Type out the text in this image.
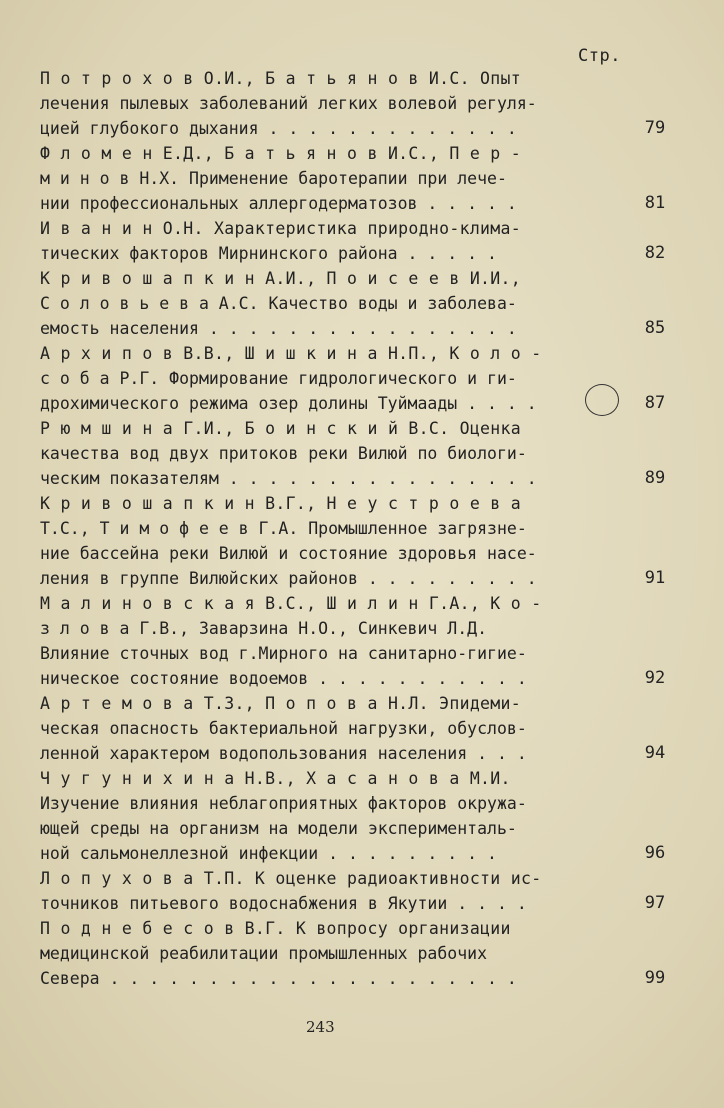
Стр.
П о т р о х о в О.И., Б а т ь я н о в И.С. Опыт
лечения пылевых заболеваний легких волевой регуля-
цией глубокого дыхания . . . . . . . . . . . . .	79
Ф л о м е н Е.Д., Б а т ь я н о в И.С., П е р -
м и н о в Н.Х. Применение баротерапии при лече-
нии профессиональных аллергодерматозов . . . . .	81
И в а н и н О.Н. Характеристика природно-клима-
тических факторов Мирнинского района . . . . .	82
К р и в о ш а п к и н А.И., П о и с е е в И.И.,
С о л о в ь е в а А.С. Качество воды и заболева-
емость населения . . . . . . . . . . . . . . . .	85
А р х и п о в В.В., Ш и ш к и н а Н.П., К о л о -
с о б а Р.Г. Формирование гидрологического и ги-
дрохимического режима озер долины Туймаады . . . .	87
Р ю м ш и н а Г.И., Б о и н с к и й В.С. Оценка
качества вод двух притоков реки Вилюй по биологи-
ческим показателям . . . . . . . . . . . . . . . .	89
К р и в о ш а п к и н В.Г., Н е у с т р о е в а
Т.С., Т и м о ф е е в Г.А. Промышленное загрязне-
ние бассейна реки Вилюй и состояние здоровья насе-
ления в группе Вилюйских районов . . . . . . . . .	91
М а л и н о в с к а я В.С., Ш и л и н Г.А., К о -
з л о в а Г.В., Заварзина Н.О., Синкевич Л.Д.
Влияние сточных вод г.Мирного на санитарно-гигие-
ническое состояние водоемов . . . . . . . . . . .	92
А р т е м о в а Т.З., П о п о в а Н.Л. Эпидеми-
ческая опасность бактериальной нагрузки, обуслов-
ленной характером водопользования населения . . .	94
Ч у г у н и х и н а Н.В., Х а с а н о в а М.И.
Изучение влияния неблагоприятных факторов окружа-
ющей среды на организм на модели эксперименталь-
ной сальмонеллезной инфекции . . . . . . . . .	96
Л о п у х о в а Т.П. К оценке радиоактивности ис-
точников питьевого водоснабжения в Якутии . . . .	97
П о д н е б е с о в В.Г. К вопросу организации
медицинской реабилитации промышленных рабочих
Севера . . . . . . . . . . . . . . . . . . . . .	99
243
